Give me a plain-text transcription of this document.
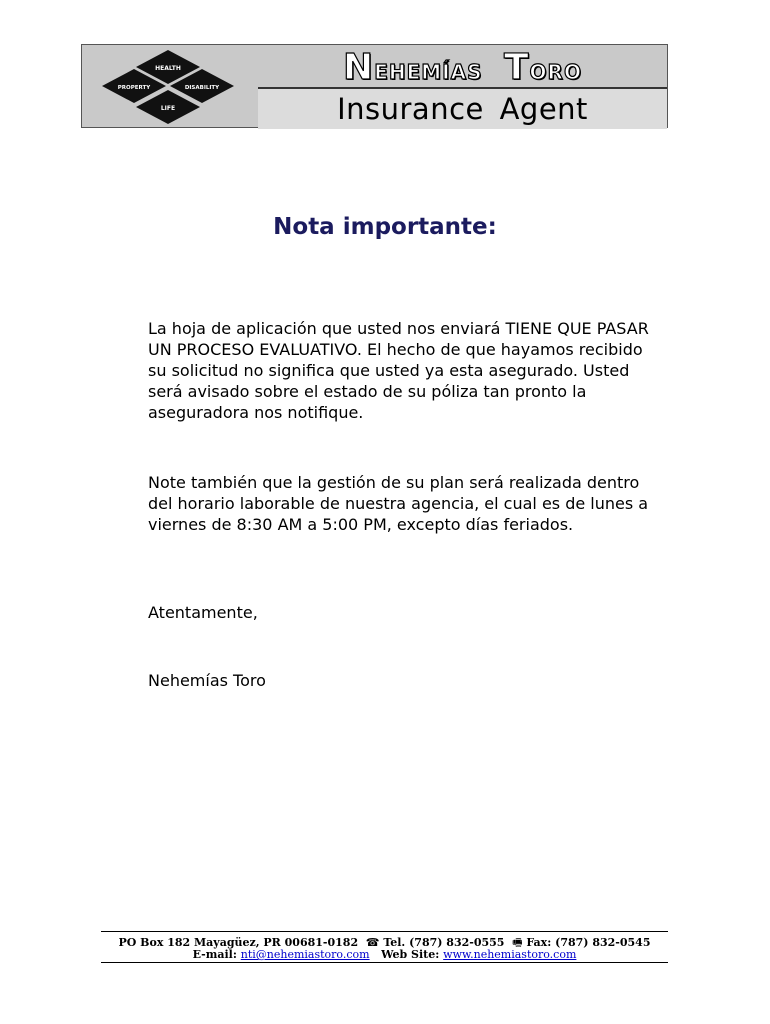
HEALTH
PROPERTY	DISABILITY
LIFE
Nehemías Toro
Insurance Agent
Nota importante:

La hoja de aplicación que usted nos enviará TIENE QUE PASAR UN PROCESO EVALUATIVO. El hecho de que hayamos recibido su solicitud no significa que usted ya esta asegurado. Usted será avisado sobre el estado de su póliza tan pronto la aseguradora nos notifique.

Note también que la gestión de su plan será realizada dentro del horario laborable de nuestra agencia, el cual es de lunes a viernes de 8:30 AM a 5:00 PM, excepto días feriados.

Atentamente,
Nehemías Toro
PO Box 182 Mayagüez, PR 00681-0182 ☎ Tel. (787) 832-0555 🖷 Fax: (787) 832-0545
E-mail: nti@nehemiastoro.com Web Site: www.nehemiastoro.com
